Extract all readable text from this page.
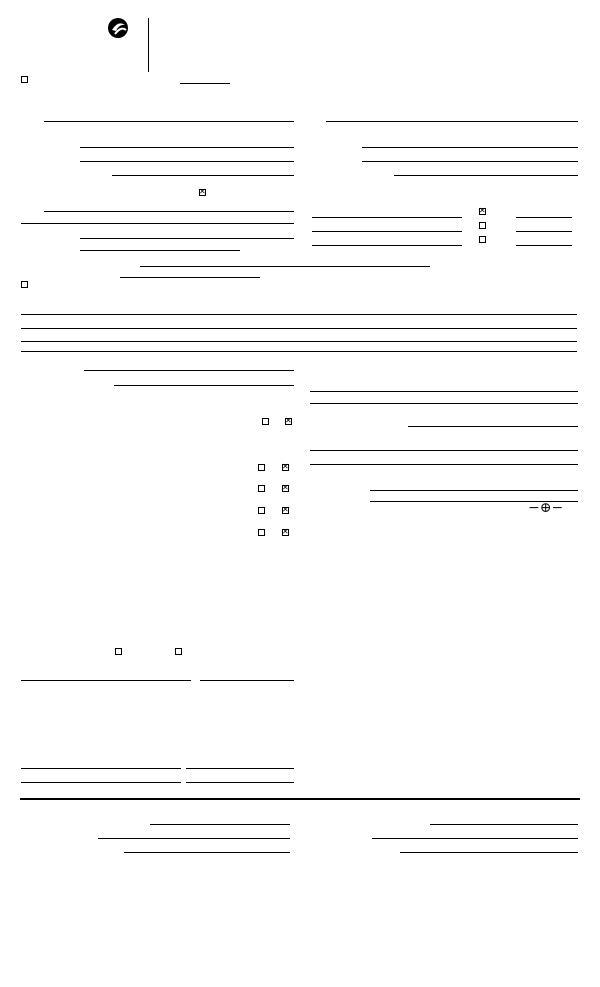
✕
✕
✕
✕
✕
✕
✕
−⊕−
